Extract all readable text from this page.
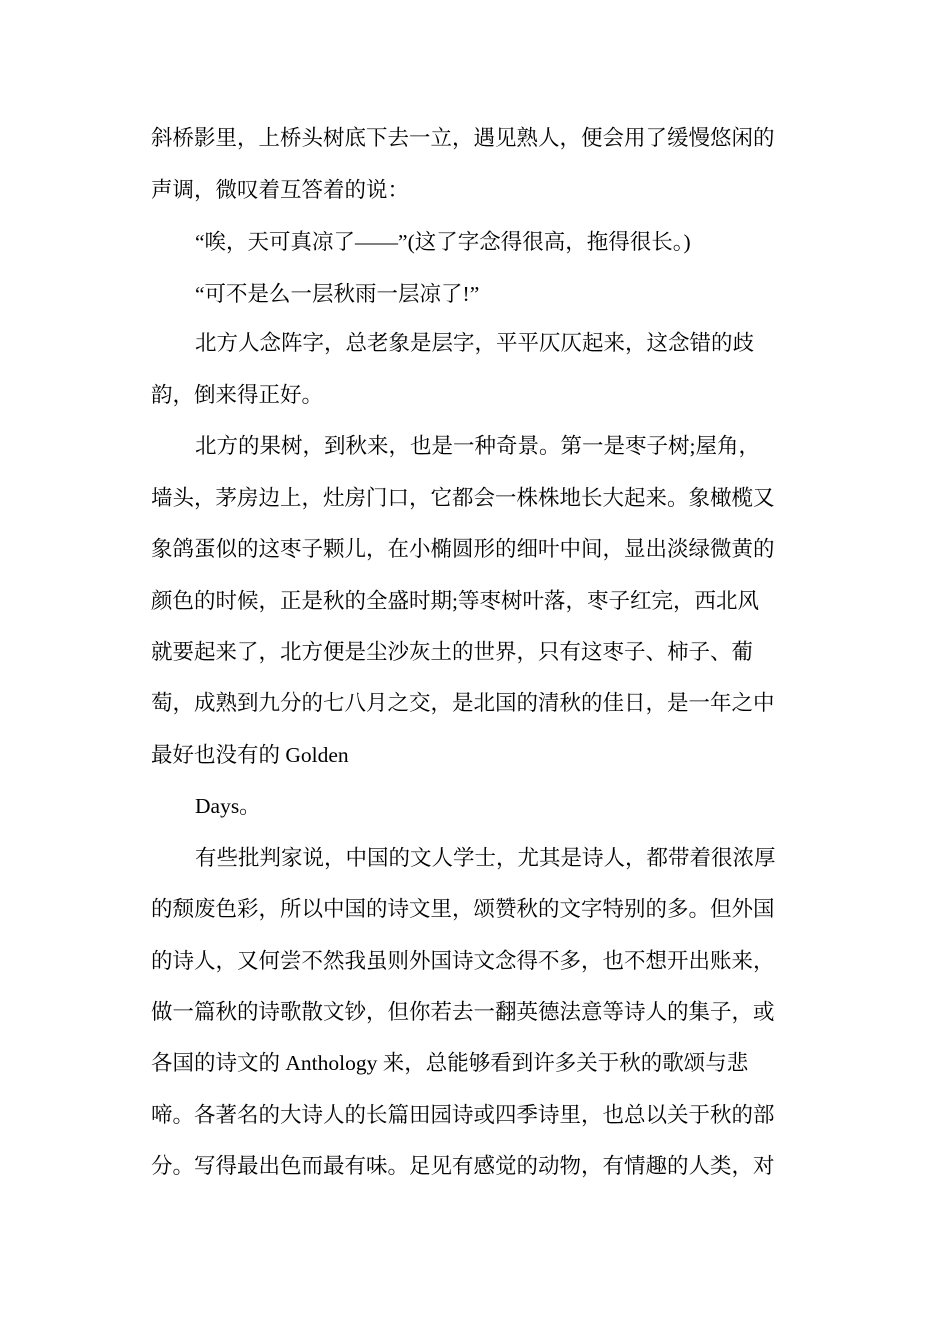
斜桥影里，上桥头树底下去一立，遇见熟人，便会用了缓慢悠闲的
声调，微叹着互答着的说：
“唉，天可真凉了——”(这了字念得很高，拖得很长。)
“可不是么一层秋雨一层凉了!”
北方人念阵字，总老象是层字，平平仄仄起来，这念错的歧
韵，倒来得正好。
北方的果树，到秋来，也是一种奇景。第一是枣子树;屋角，
墙头，茅房边上，灶房门口，它都会一株株地长大起来。象橄榄又
象鸽蛋似的这枣子颗儿，在小椭圆形的细叶中间，显出淡绿微黄的
颜色的时候，正是秋的全盛时期;等枣树叶落，枣子红完，西北风
就要起来了，北方便是尘沙灰土的世界，只有这枣子、柿子、葡
萄，成熟到九分的七八月之交，是北国的清秋的佳日，是一年之中
最好也没有的 Golden
Days。
有些批判家说，中国的文人学士，尤其是诗人，都带着很浓厚
的颓废色彩，所以中国的诗文里，颂赞秋的文字特别的多。但外国
的诗人，又何尝不然我虽则外国诗文念得不多，也不想开出账来，
做一篇秋的诗歌散文钞，但你若去一翻英德法意等诗人的集子，或
各国的诗文的 Anthology 来，总能够看到许多关于秋的歌颂与悲
啼。各著名的大诗人的长篇田园诗或四季诗里，也总以关于秋的部
分。写得最出色而最有味。足见有感觉的动物，有情趣的人类，对
